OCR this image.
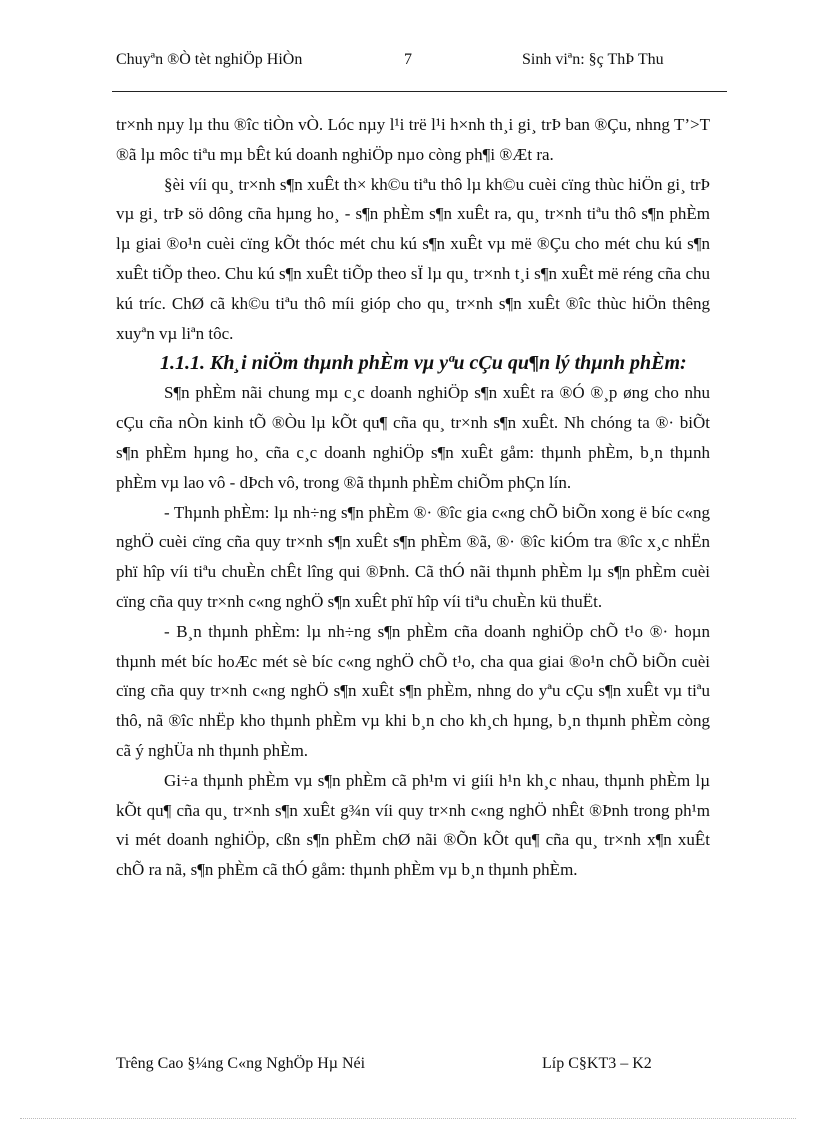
Chuyªn ®Ò tèt nghiÖp HiÒn	7	Sinh viªn: §ç ThÞ Thu

tr×nh nµy lµ thu ®îc tiÒn vÒ. Lóc nµy l¹i trë l¹i h×nh th¸i gi¸ trÞ ban ®Çu, nhng T’>T ®ã lµ môc tiªu mµ bÊt kú doanh nghiÖp nµo còng ph¶i ®Æt ra.

§èi víi qu¸ tr×nh s¶n xuÊt th× kh©u tiªu thô lµ kh©u cuèi cïng thùc hiÖn gi¸ trÞ vµ gi¸ trÞ sö dông cña hµng ho¸ - s¶n phÈm s¶n xuÊt ra, qu¸ tr×nh tiªu thô s¶n phÈm lµ giai ®o¹n cuèi cïng kÕt thóc mét chu kú s¶n xuÊt vµ më ®Çu cho mét chu kú s¶n xuÊt tiÕp theo. Chu kú s¶n xuÊt tiÕp theo sÏ lµ qu¸ tr×nh t¸i s¶n xuÊt më réng cña chu kú tríc. ChØ cã kh©u tiªu thô míi gióp cho qu¸ tr×nh s¶n xuÊt ®îc thùc hiÖn thêng xuyªn vµ liªn tôc.

1.1.1. Kh¸i niÖm thµnh phÈm vµ yªu cÇu qu¶n lý thµnh phÈm:

S¶n phÈm nãi chung mµ c¸c doanh nghiÖp s¶n xuÊt ra ®Ó ®¸p øng cho nhu cÇu cña nÒn kinh tÕ ®Òu lµ kÕt qu¶ cña qu¸ tr×nh s¶n xuÊt. Nh chóng ta ®· biÕt s¶n phÈm hµng ho¸ cña c¸c doanh nghiÖp s¶n xuÊt gåm: thµnh phÈm, b¸n thµnh phÈm vµ lao vô - dÞch vô, trong ®ã thµnh phÈm chiÕm phÇn lín.

- Thµnh phÈm: lµ nh÷ng s¶n phÈm ®· ®îc gia c«ng chÕ biÕn xong ë bíc c«ng nghÖ cuèi cïng cña quy tr×nh s¶n xuÊt s¶n phÈm ®ã, ®· ®îc kiÓm tra ®îc x¸c nhËn phï hîp víi tiªu chuÈn chÊt lîng qui ®Þnh. Cã thÓ nãi thµnh phÈm lµ s¶n phÈm cuèi cïng cña quy tr×nh c«ng nghÖ s¶n xuÊt phï hîp víi tiªu chuÈn kü thuËt.

- B¸n thµnh phÈm: lµ nh÷ng s¶n phÈm cña doanh nghiÖp chÕ t¹o ®· hoµn thµnh mét bíc hoÆc mét sè bíc c«ng nghÖ chÕ t¹o, cha qua giai ®o¹n chÕ biÕn cuèi cïng cña quy tr×nh c«ng nghÖ s¶n xuÊt s¶n phÈm, nhng do yªu cÇu s¶n xuÊt vµ tiªu thô, nã ®îc nhËp kho thµnh phÈm vµ khi b¸n cho kh¸ch hµng, b¸n thµnh phÈm còng cã ý nghÜa nh thµnh phÈm.

Gi÷a thµnh phÈm vµ s¶n phÈm cã ph¹m vi giíi h¹n kh¸c nhau, thµnh phÈm lµ kÕt qu¶ cña qu¸ tr×nh s¶n xuÊt g¾n víi quy tr×nh c«ng nghÖ nhÊt ®Þnh trong ph¹m vi mét doanh nghiÖp, cßn s¶n phÈm chØ nãi ®Õn kÕt qu¶ cña qu¸ tr×nh x¶n xuÊt chÕ ra nã, s¶n phÈm cã thÓ gåm: thµnh phÈm vµ b¸n thµnh phÈm.

Trêng Cao §¼ng C«ng NghÖp Hµ Néi	Líp C§KT3 – K2
